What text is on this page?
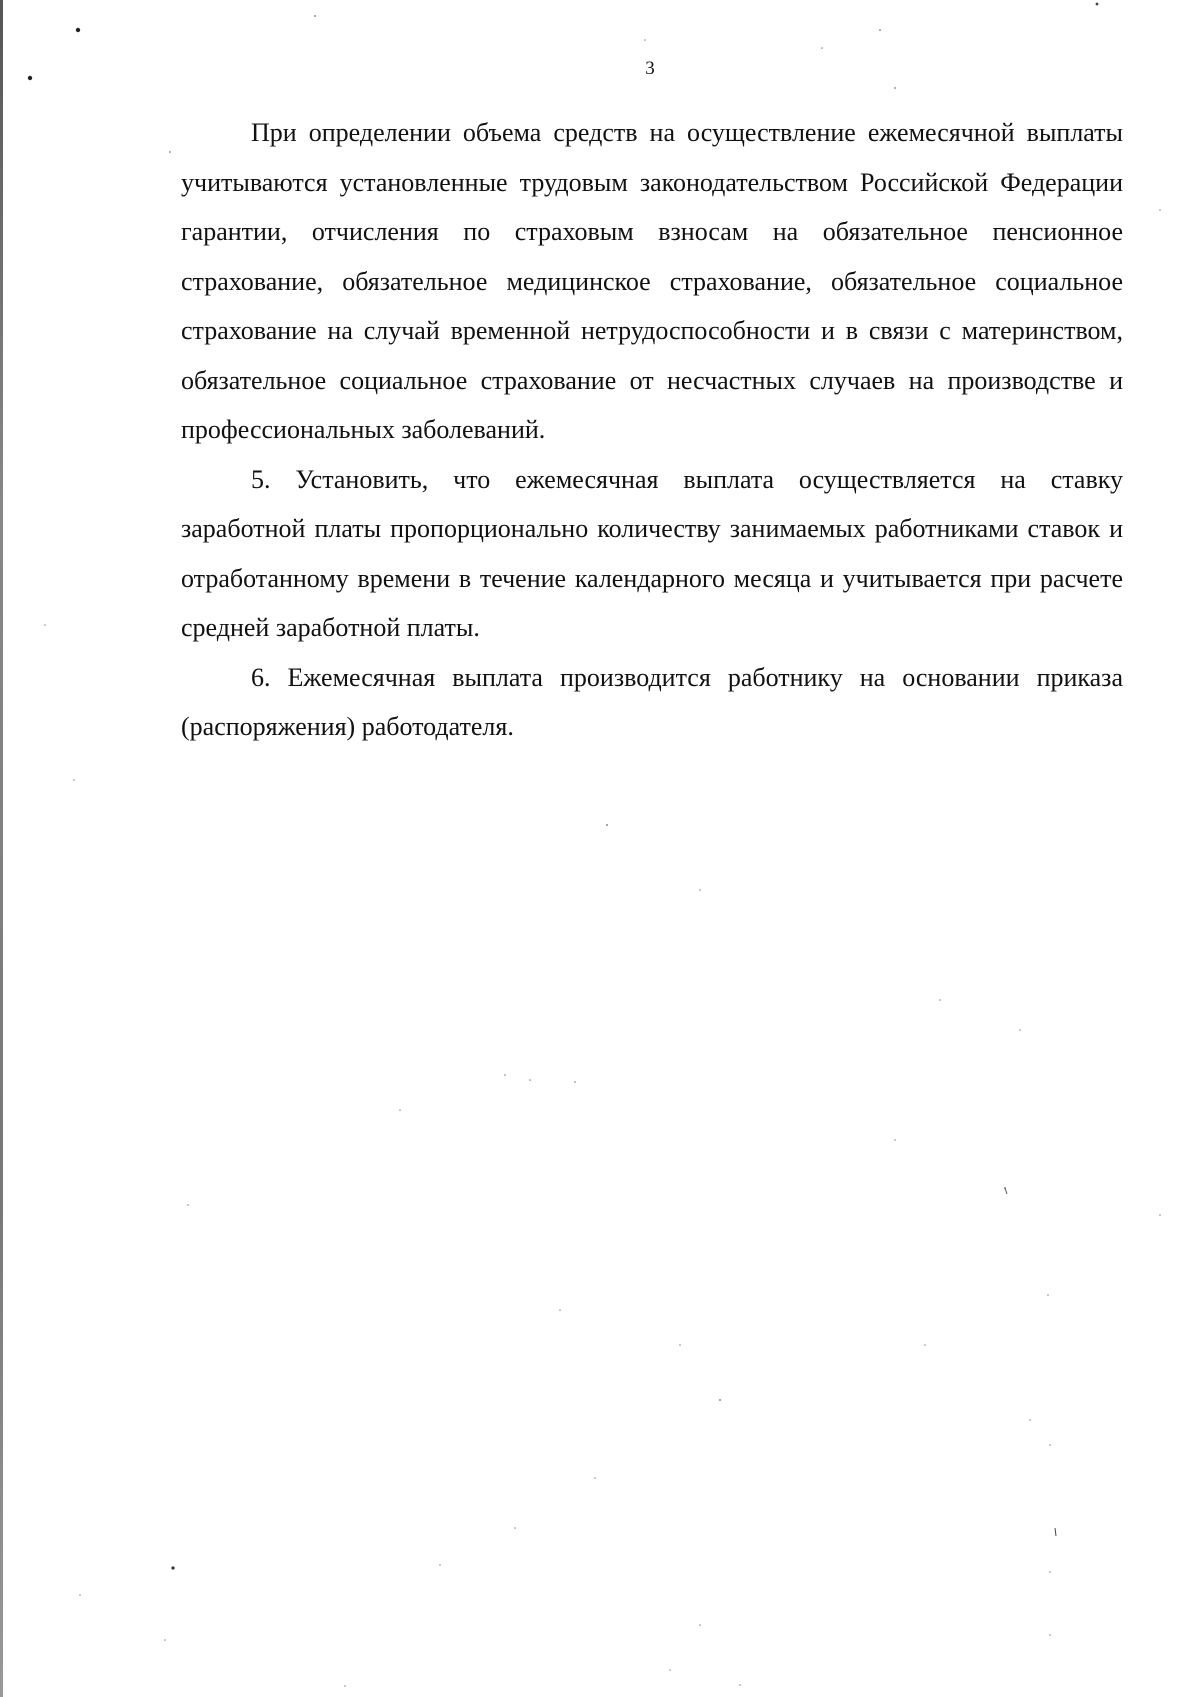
3

При определении объема средств на осуществление ежемесячной выплаты учитываются установленные трудовым законодательством Российской Федерации гарантии, отчисления по страховым взносам на обязательное пенсионное страхование, обязательное медицинское страхование, обязательное социальное страхование на случай временной нетрудоспособности и в связи с материнством, обязательное социальное страхование от несчастных случаев на производстве и профессиональных заболеваний.

5. Установить, что ежемесячная выплата осуществляется на ставку заработной платы пропорционально количеству занимаемых работниками ставок и отработанному времени в течение календарного месяца и учитывается при расчете средней заработной платы.

6. Ежемесячная выплата производится работнику на основании приказа (распоряжения) работодателя.
